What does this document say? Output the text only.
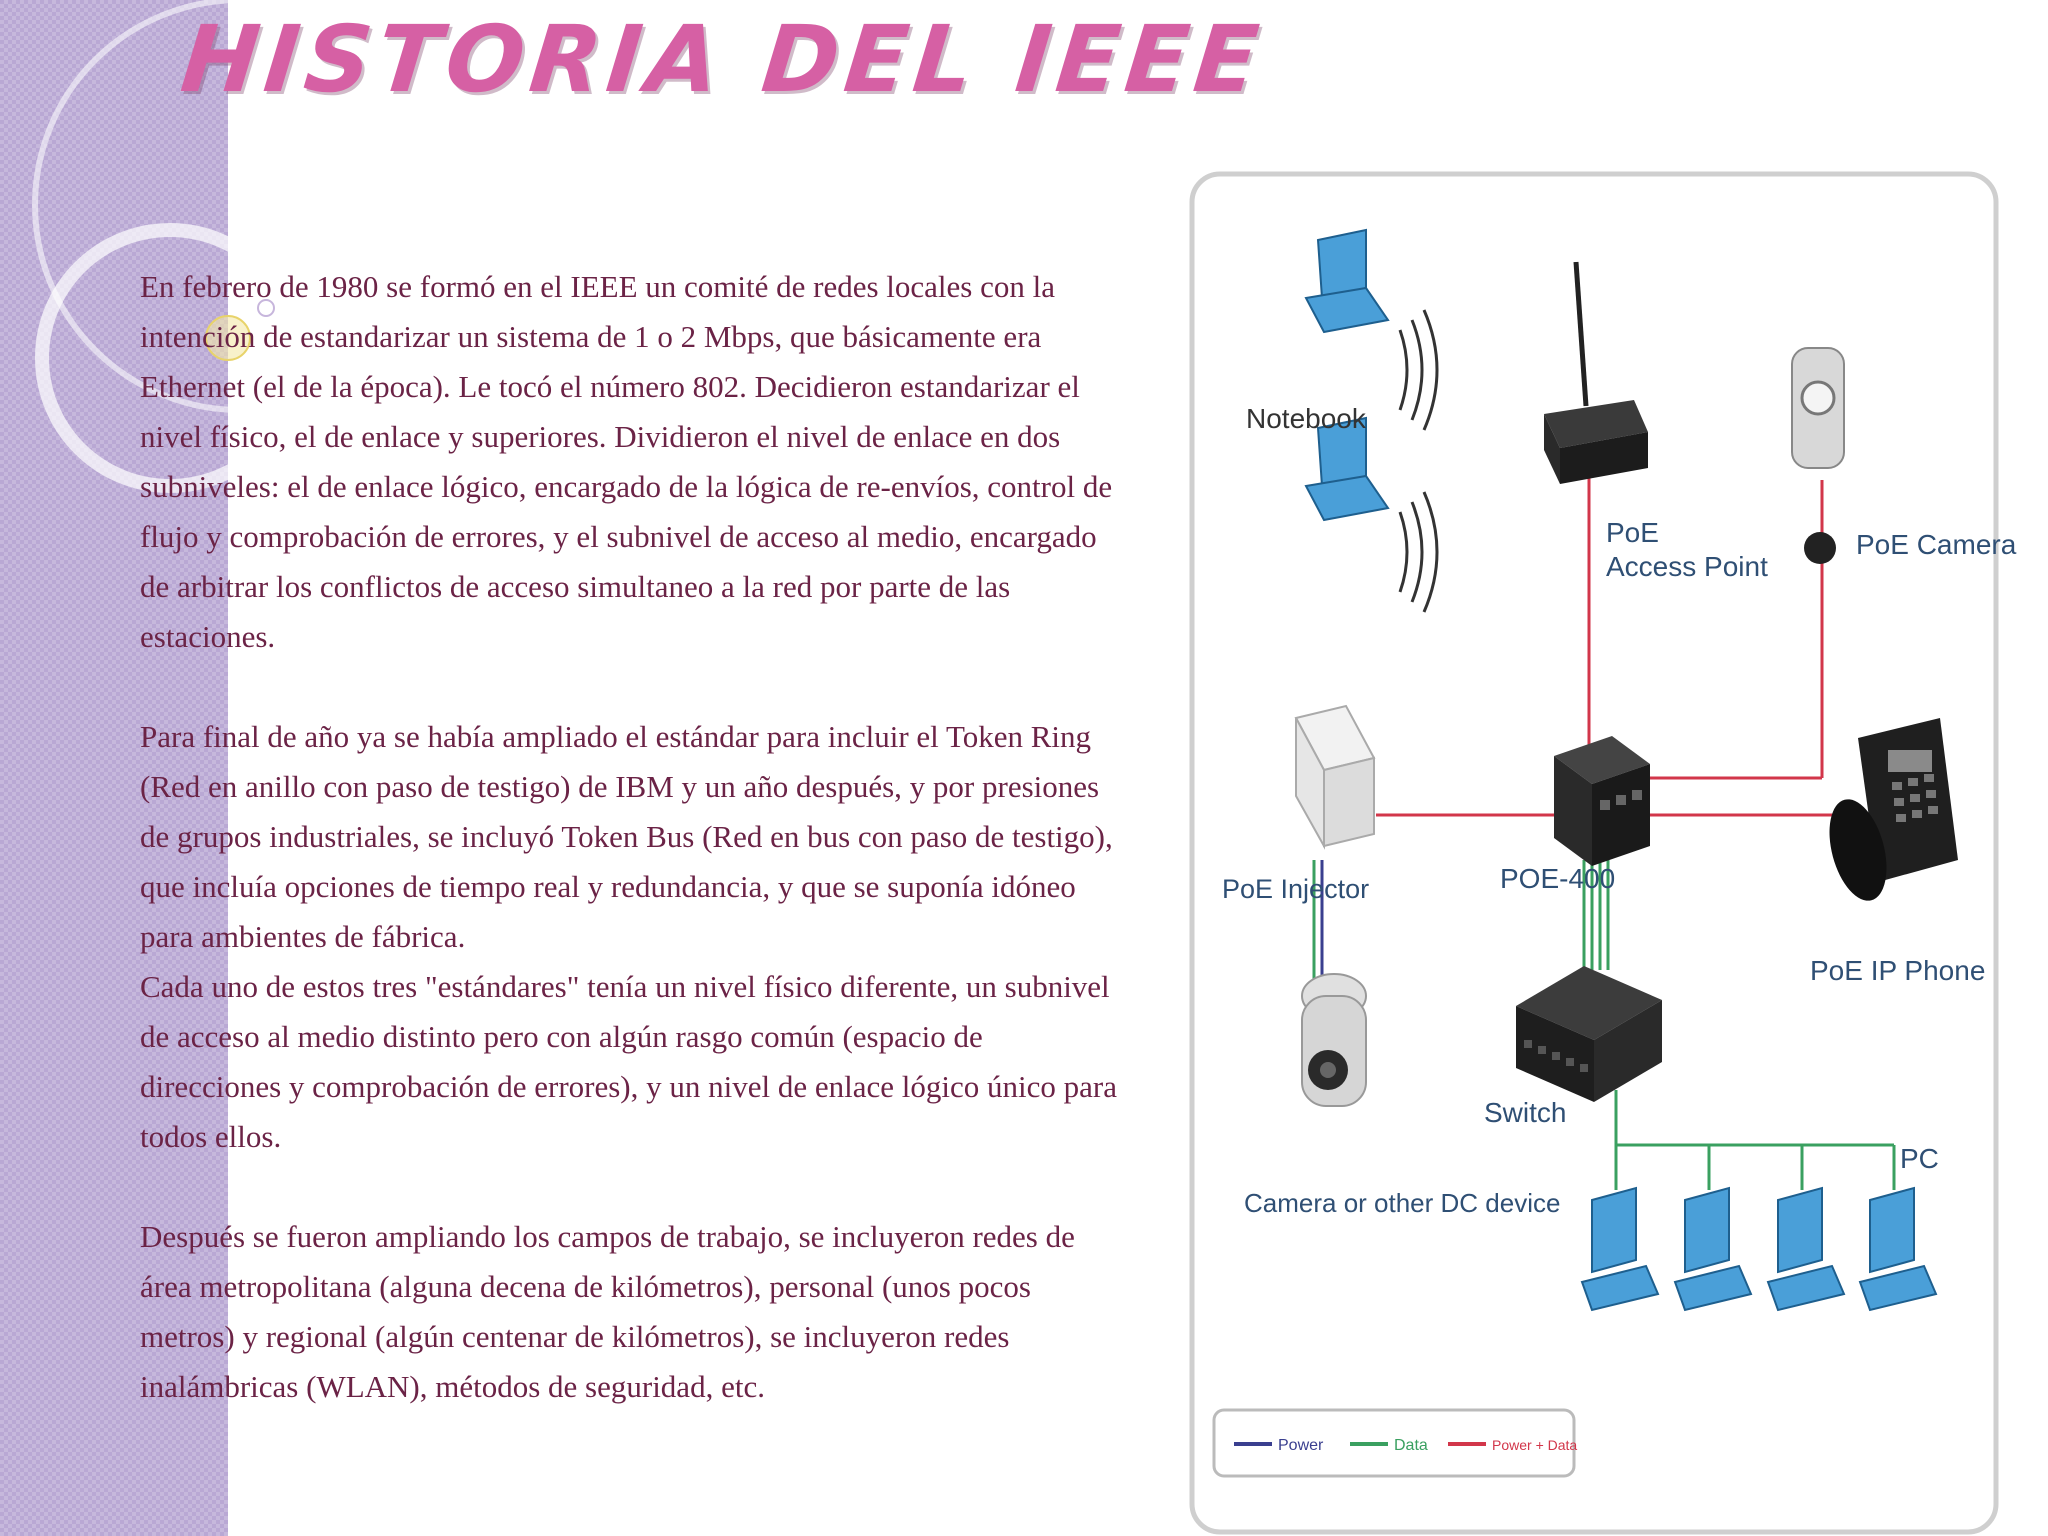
HISTORIA DEL IEEE

En febrero de 1980 se formó en el IEEE un comité de redes locales con la
intención de estandarizar un sistema de 1 o 2 Mbps, que básicamente era
Ethernet (el de la época). Le tocó el número 802. Decidieron estandarizar el
nivel físico, el de enlace y superiores. Dividieron el nivel de enlace en dos
subniveles: el de enlace lógico, encargado de la lógica de re-envíos, control de
flujo y comprobación de errores, y el subnivel de acceso al medio, encargado
de arbitrar los conflictos de acceso simultaneo a la red por parte de las
estaciones.

Para final de año ya se había ampliado el estándar para incluir el Token Ring
(Red en anillo con paso de testigo) de IBM y un año después, y por presiones
de grupos industriales, se incluyó Token Bus (Red en bus con paso de testigo),
que incluía opciones de tiempo real y redundancia, y que se suponía idóneo
para ambientes de fábrica.

Cada uno de estos tres "estándares" tenía un nivel físico diferente, un subnivel
de acceso al medio distinto pero con algún rasgo común (espacio de
direcciones y comprobación de errores), y un nivel de enlace lógico único para
todos ellos.

Después se fueron ampliando los campos de trabajo, se incluyeron redes de
área metropolitana (alguna decena de kilómetros), personal (unos pocos
metros) y regional (algún centenar de kilómetros), se incluyeron redes
inalámbricas (WLAN), métodos de seguridad, etc.

Notebook
PoE
Access Point
PoE Camera
PoE Injector	POE-400
PoE IP Phone
Switch
Camera or other DC device
PC
Power	Data	Power + Data
